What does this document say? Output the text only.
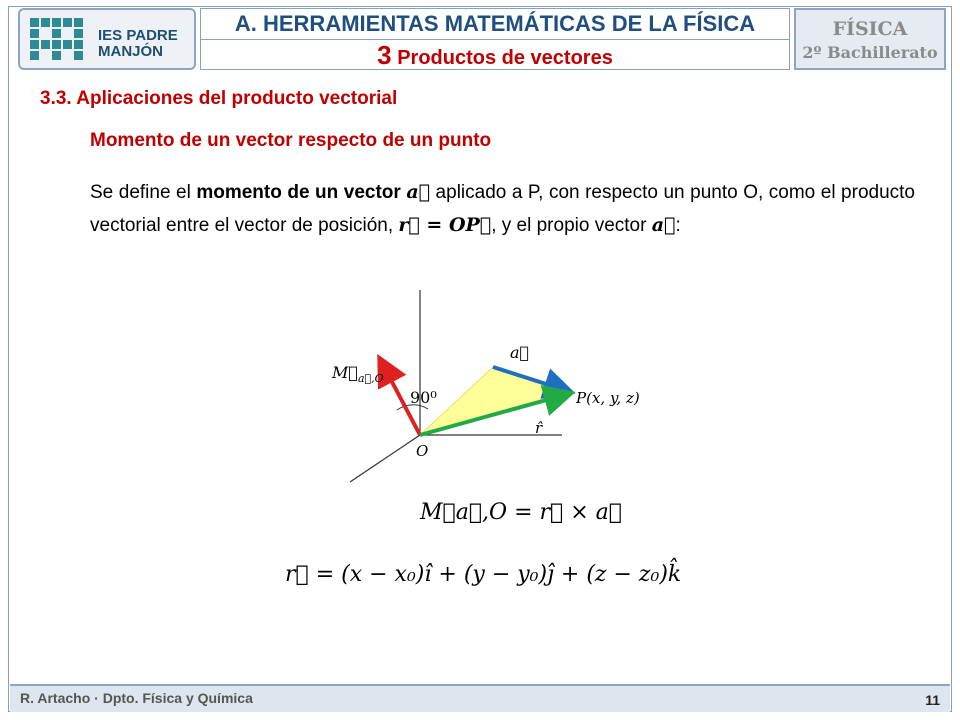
IES PADRE
MANJÓN
A. HERRAMIENTAS MATEMÁTICAS DE LA FÍSICA
3 Productos de vectores
FÍSICA
2º Bachillerato
3.3. Aplicaciones del producto vectorial
Momento de un vector respecto de un punto
Se define el momento de un vector a⃗ aplicado a P, con respecto un punto O, como el producto vectorial entre el vector de posición, r⃗ = OP⃗, y el propio vector a⃗:
$M⃗_{a⃗,O}$
a⃗
90⁰	P(x, y, z)
r̂
O
M⃗a⃗,O = r⃗ × a⃗
r⃗ = (x − x₀)î + (y − y₀)ĵ + (z − z₀)k̂
R. Artacho · Dpto. Física y Química	11
